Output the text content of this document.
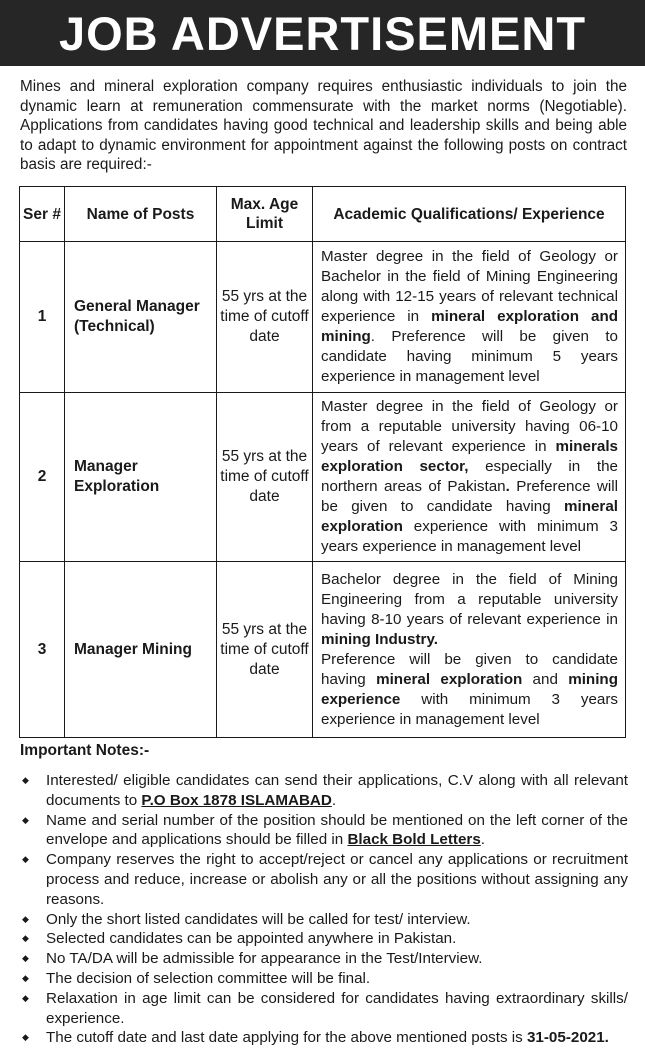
JOB ADVERTISEMENT
Mines and mineral exploration company requires enthusiastic individuals to join the dynamic learn at remuneration commensurate with the market norms (Negotiable). Applications from candidates having good technical and leadership skills and being able to adapt to dynamic environment for appointment against the following posts on contract basis are required:-
Ser #	Name of Posts	Max. Age Limit	Academic Qualifications/ Experience
1	General Manager (Technical)	55 yrs at the time of cutoff date	Master degree in the field of Geology or Bachelor in the field of Mining Engineering along with 12-15 years of relevant technical experience in mineral exploration and mining. Preference will be given to candidate having minimum 5 years experience in management level
2	Manager Exploration	55 yrs at the time of cutoff date	Master degree in the field of Geology or from a reputable university having 06-10 years of relevant experience in minerals exploration sector, especially in the northern areas of Pakistan. Preference will be given to candidate having mineral exploration experience with minimum 3 years experience in management level
3	Manager Mining	55 yrs at the time of cutoff date	Bachelor degree in the field of Mining Engineering from a reputable university having 8-10 years of relevant experience in mining Industry.
Preference will be given to candidate having mineral exploration and mining experience with minimum 3 years experience in management level
Important Notes:-
◆ Interested/ eligible candidates can send their applications, C.V along with all relevant documents to P.O Box 1878 ISLAMABAD.
◆ Name and serial number of the position should be mentioned on the left corner of the envelope and applications should be filled in Black Bold Letters.
◆ Company reserves the right to accept/reject or cancel any applications or recruitment process and reduce, increase or abolish any or all the positions without assigning any reasons.
◆ Only the short listed candidates will be called for test/ interview.
◆ Selected candidates can be appointed anywhere in Pakistan.
◆ No TA/DA will be admissible for appearance in the Test/Interview.
◆ The decision of selection committee will be final.
◆ Relaxation in age limit can be considered for candidates having extraordinary skills/ experience.
◆ The cutoff date and last date applying for the above mentioned posts is 31-05-2021.
